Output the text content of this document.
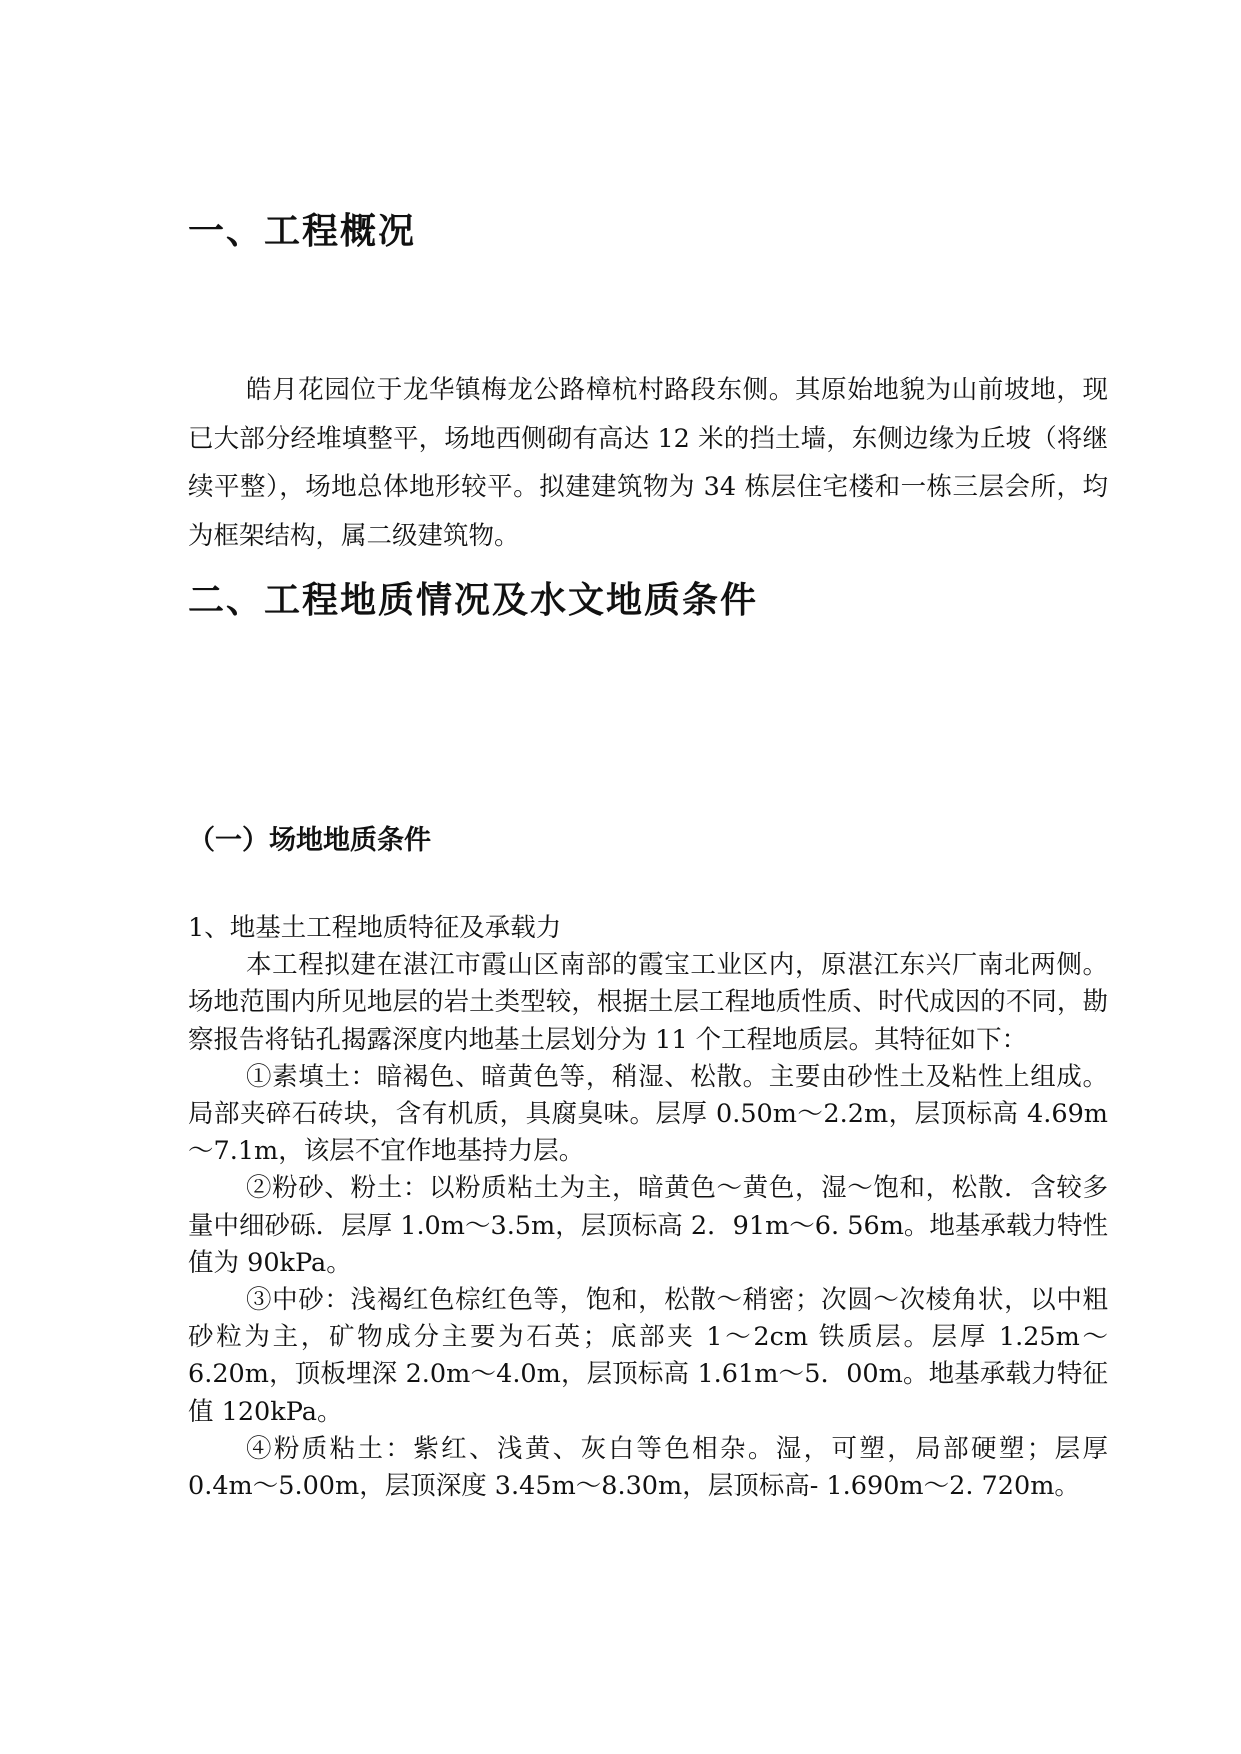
一、工程概况

皓月花园位于龙华镇梅龙公路樟杭村路段东侧。其原始地貌为山前坡地，现已大部分经堆填整平，场地西侧砌有高达 12 米的挡土墙，东侧边缘为丘坡（将继续平整），场地总体地形较平。拟建建筑物为 34 栋层住宅楼和一栋三层会所，均为框架结构，属二级建筑物。

二、工程地质情况及水文地质条件
（一）场地地质条件

1、地基土工程地质特征及承载力

本工程拟建在湛江市霞山区南部的霞宝工业区内，原湛江东兴厂南北两侧。场地范围内所见地层的岩土类型较，根据土层工程地质性质、时代成因的不同，勘察报告将钻孔揭露深度内地基土层划分为 11 个工程地质层。其特征如下：

①素填土：暗褐色、暗黄色等，稍湿、松散。主要由砂性土及粘性上组成。局部夹碎石砖块，含有机质，具腐臭味。层厚 0.50m～2.2m，层顶标高 4.69m～7.1m，该层不宜作地基持力层。

②粉砂、粉土：以粉质粘土为主，暗黄色～黄色，湿～饱和，松散．含较多量中细砂砾．层厚 1.0m～3.5m，层顶标高 2．91m～6. 56m。地基承载力特性值为 90kPa。

③中砂：浅褐红色棕红色等，饱和，松散～稍密；次圆～次棱角状，以中粗砂粒为主，矿物成分主要为石英；底部夹 1～2cm 铁质层。层厚 1.25m～6.20m，顶板埋深 2.0m～4.0m，层顶标高 1.61m～5．00m。地基承载力特征值 120kPa。

④粉质粘土：紫红、浅黄、灰白等色相杂。湿，可塑，局部硬塑；层厚 0.4m～5.00m，层顶深度 3.45m～8.30m，层顶标高- 1.690m～2. 720m。
